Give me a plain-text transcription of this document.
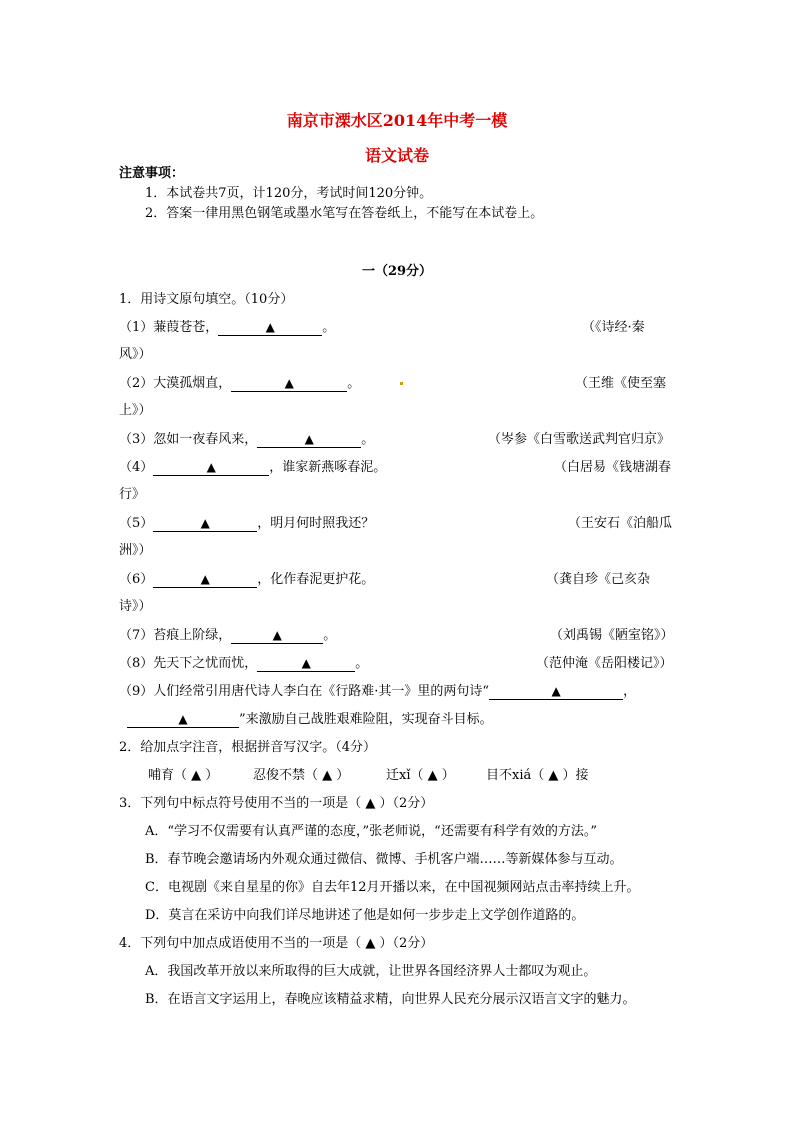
南京市溧水区2014年中考一模
语文试卷
注意事项：
1．本试卷共7页，计120分，考试时间120分钟。
2．答案一律用黑色钢笔或墨水笔写在答卷纸上，不能写在本试卷上。
一（29分）
1．用诗文原句填空。（10分）
（1）蒹葭苍苍，	▲	。	（《诗经·秦
风》）
（2）大漠孤烟直，	▲	。	（王维《使至塞
上》）
（3）忽如一夜春风来，	▲	。	（岑参《白雪歌送武判官归京》
（4）	▲	，谁家新燕啄春泥。	（白居易《钱塘湖春
行》
（5）	▲	，明月何时照我还？	（王安石《泊船瓜
洲》）
（6）	▲	，化作春泥更护花。	（龚自珍《己亥杂
诗》）
（7）苔痕上阶绿，	▲	。	（刘禹锡《陋室铭》）
（8）先天下之忧而忧，	▲	。	（范仲淹《岳阳楼记》）
（9）人们经常引用唐代诗人李白在《行路难·其一》里的两句诗“	▲	，
▲	”来激励自己战胜艰难险阻，实现奋斗目标。
2．给加点字注音，根据拼音写汉字。（4分）
哺育（ ▲ ）	忍俊不禁（ ▲ ）	迁xǐ（ ▲ ） 目不xiá（ ▲ ）接
3．下列句中标点符号使用不当的一项是（ ▲ ）（2分）
A．“学习不仅需要有认真严谨的态度，”张老师说，“还需要有科学有效的方法。”
B．春节晚会邀请场内外观众通过微信、微博、手机客户端……等新媒体参与互动。
C．电视剧《来自星星的你》自去年12月开播以来，在中国视频网站点击率持续上升。
D．莫言在采访中向我们详尽地讲述了他是如何一步步走上文学创作道路的。
4．下列句中加点成语使用不当的一项是（ ▲ ）（2分）
A．我国改革开放以来所取得的巨大成就，让世界各国经济界人士都叹为观止。
B．在语言文字运用上，春晚应该精益求精，向世界人民充分展示汉语言文字的魅力。
